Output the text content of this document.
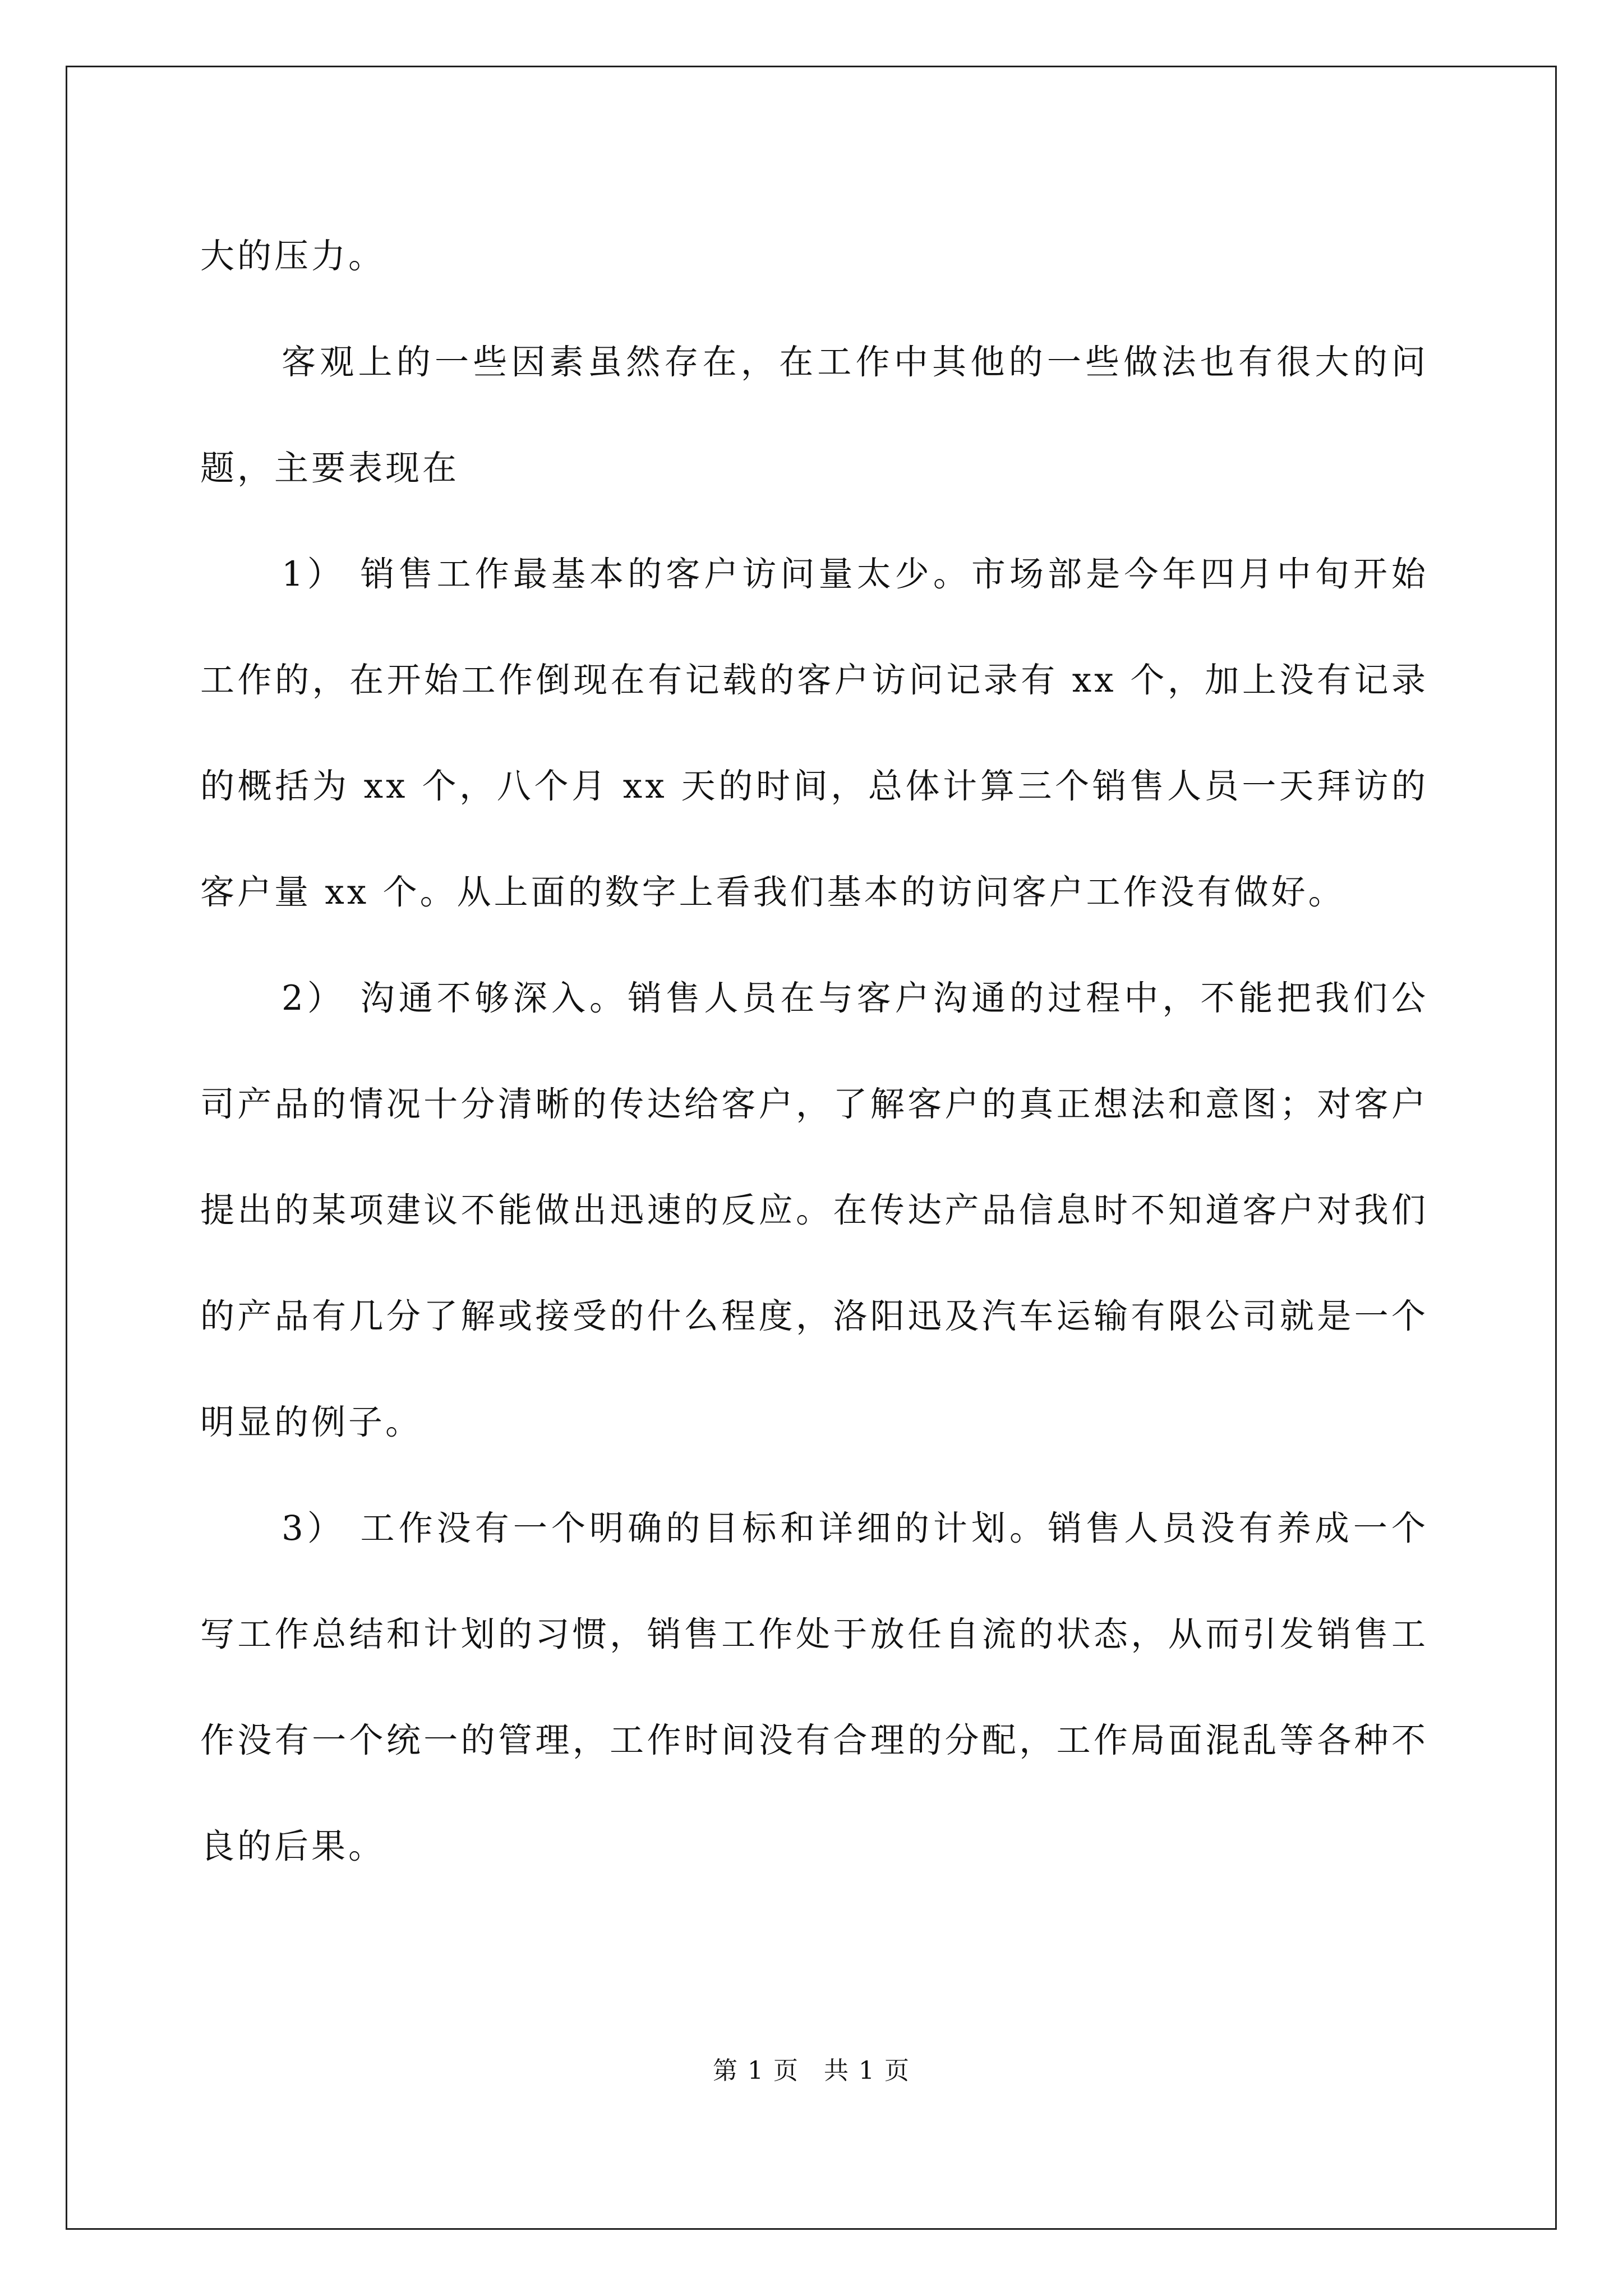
大的压力。

客观上的一些因素虽然存在，在工作中其他的一些做法也有很大的问题，主要表现在

1） 销售工作最基本的客户访问量太少。市场部是今年四月中旬开始工作的，在开始工作倒现在有记载的客户访问记录有 xx 个，加上没有记录的概括为 xx 个，八个月 xx 天的时间，总体计算三个销售人员一天拜访的客户量 xx 个。从上面的数字上看我们基本的访问客户工作没有做好。

2） 沟通不够深入。销售人员在与客户沟通的过程中，不能把我们公司产品的情况十分清晰的传达给客户，了解客户的真正想法和意图；对客户提出的某项建议不能做出迅速的反应。在传达产品信息时不知道客户对我们的产品有几分了解或接受的什么程度，洛阳迅及汽车运输有限公司就是一个明显的例子。

3） 工作没有一个明确的目标和详细的计划。销售人员没有养成一个写工作总结和计划的习惯，销售工作处于放任自流的状态，从而引发销售工作没有一个统一的管理，工作时间没有合理的分配，工作局面混乱等各种不良的后果。

第 1 页 共 1 页
